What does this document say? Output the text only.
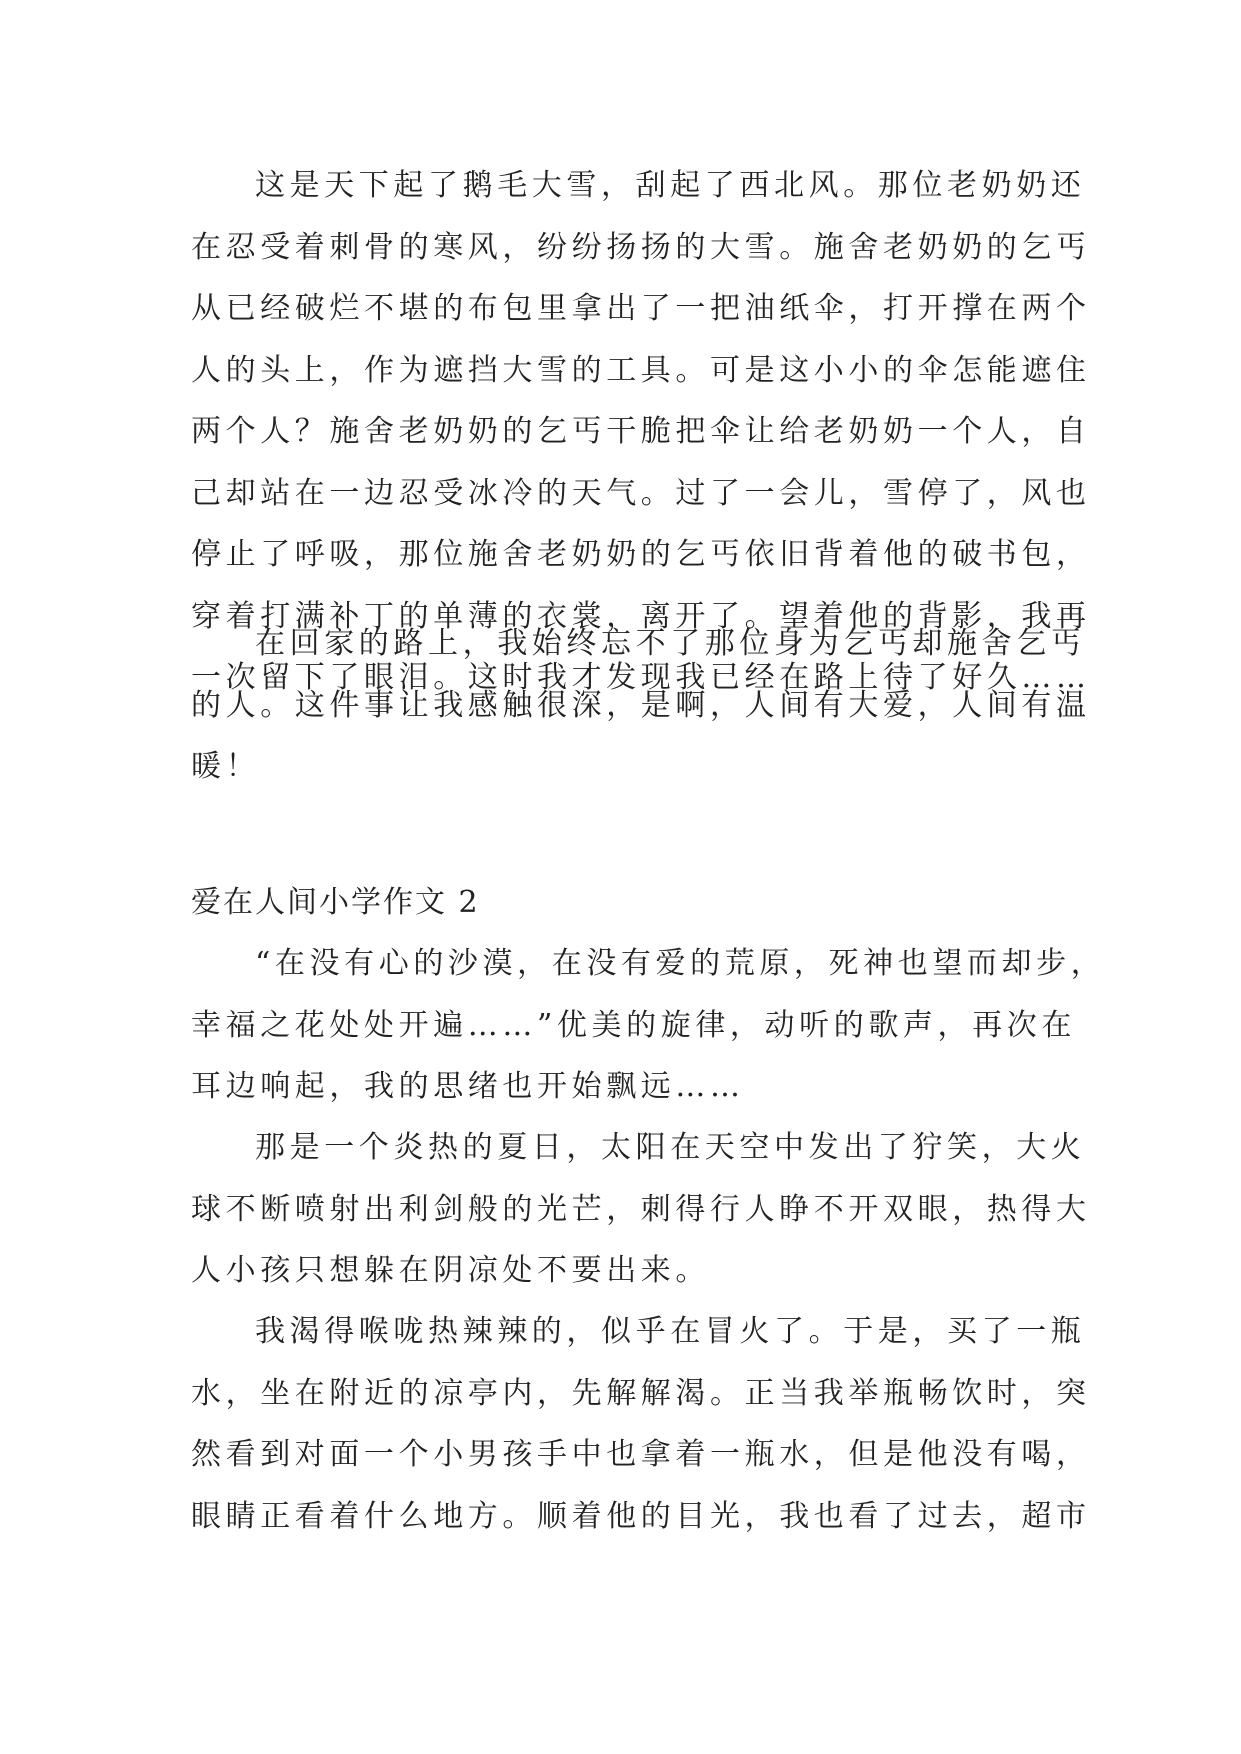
这是天下起了鹅毛大雪，刮起了西北风。那位老奶奶还
在忍受着刺骨的寒风，纷纷扬扬的大雪。施舍老奶奶的乞丐
从已经破烂不堪的布包里拿出了一把油纸伞，打开撑在两个
人的头上，作为遮挡大雪的工具。可是这小小的伞怎能遮住
两个人？施舍老奶奶的乞丐干脆把伞让给老奶奶一个人，自
己却站在一边忍受冰冷的天气。过了一会儿，雪停了，风也
停止了呼吸，那位施舍老奶奶的乞丐依旧背着他的破书包，
穿着打满补丁的单薄的衣裳，离开了。望着他的背影，我再
一次留下了眼泪。这时我才发现我已经在路上待了好久……
在回家的路上，我始终忘不了那位身为乞丐却施舍乞丐
的人。这件事让我感触很深，是啊，人间有大爱，人间有温
暖！
爱在人间小学作文 2
“在没有心的沙漠，在没有爱的荒原，死神也望而却步，
幸福之花处处开遍……”优美的旋律，动听的歌声，再次在
耳边响起，我的思绪也开始飘远……
那是一个炎热的夏日，太阳在天空中发出了狞笑，大火
球不断喷射出利剑般的光芒，刺得行人睁不开双眼，热得大
人小孩只想躲在阴凉处不要出来。
我渴得喉咙热辣辣的，似乎在冒火了。于是，买了一瓶
水，坐在附近的凉亭内，先解解渴。正当我举瓶畅饮时，突
然看到对面一个小男孩手中也拿着一瓶水，但是他没有喝，
眼睛正看着什么地方。顺着他的目光，我也看了过去，超市
